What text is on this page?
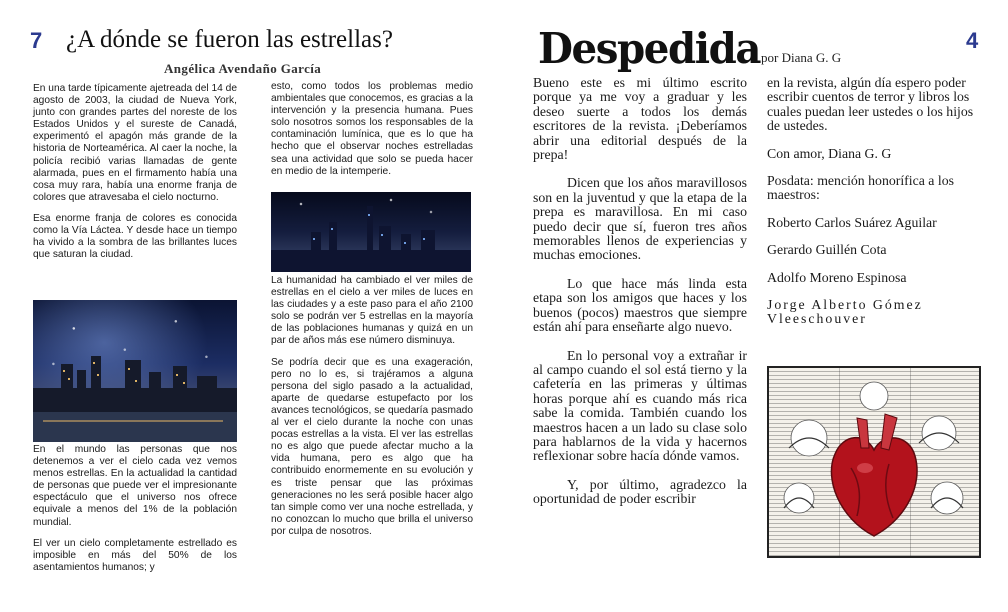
7 ¿A dónde se fueron las estrellas?
Angélica Avendaño García

En una tarde típicamente ajetreada del 14 de agosto de 2003, la ciudad de Nueva York, junto con grandes partes del noreste de los Estados Unidos y el sureste de Canadá, experimentó el apagón más grande de la historia de Norteamérica. Al caer la noche, la policía recibió varias llamadas de gente alarmada, pues en el firmamento había una cosa muy rara, había una enorme franja de colores que atravesaba el cielo nocturno.

Esa enorme franja de colores es conocida como la Vía Láctea. Y desde hace un tiempo ha vivido a la sombra de las brillantes luces que saturan la ciudad.

En el mundo las personas que nos detenemos a ver el cielo cada vez vemos menos estrellas. En la actualidad la cantidad de personas que puede ver el impresionante espectáculo que el universo nos ofrece equivale a menos del 1% de la población mundial.

El ver un cielo completamente estrellado es imposible en más del 50% de los asentamientos humanos; y

esto, como todos los problemas medio ambientales que conocemos, es gracias a la intervención y la presencia humana. Pues solo nosotros somos los responsables de la contaminación lumínica, que es lo que ha hecho que el observar noches estrelladas sea una actividad que solo se pueda hacer en medio de la intemperie.

La humanidad ha cambiado el ver miles de estrellas en el cielo a ver miles de luces en las ciudades y a este paso para el año 2100 solo se podrán ver 5 estrellas en la mayoría de las poblaciones humanas y quizá en un par de años más ese número disminuya.

Se podría decir que es una exageración, pero no lo es, si trajéramos a alguna persona del siglo pasado a la actualidad, aparte de quedarse estupefacto por los avances tecnológicos, se quedaría pasmado al ver el cielo durante la noche con unas pocas estrellas a la vista. El ver las estrellas no es algo que puede afectar mucho a la vida humana, pero es algo que ha contribuido enormemente en su evolución y es triste pensar que las próximas generaciones no les será posible hacer algo tan simple como ver una noche estrellada, y no conozcan lo mucho que brilla el universo por culpa de nosotros.

Despedida por Diana G. G
4

Bueno este es mi último escrito porque ya me voy a graduar y les deseo suerte a todos los demás escritores de la revista. ¡Deberíamos abrir una editorial después de la prepa!

Dicen que los años maravillosos son en la juventud y que la etapa de la prepa es maravillosa. En mi caso puedo decir que sí, fueron tres años memorables llenos de experiencias y muchas emociones.

Lo que hace más linda esta etapa son los amigos que haces y los buenos (pocos) maestros que siempre están ahí para enseñarte algo nuevo.

En lo personal voy a extrañar ir al campo cuando el sol está tierno y la cafetería en las primeras y últimas horas porque ahí es cuando más rica sabe la comida. También cuando los maestros hacen a un lado su clase solo para hablarnos de la vida y hacernos reflexionar sobre hacía dónde vamos.

Y, por último, agradezco la oportunidad de poder escribir

en la revista, algún día espero poder escribir cuentos de terror y libros los cuales puedan leer ustedes o los hijos de ustedes.

Con amor, Diana G. G

Posdata: mención honorífica a los maestros:

Roberto Carlos Suárez Aguilar

Gerardo Guillén Cota

Adolfo Moreno Espinosa

Jorge Alberto Gómez Vleeschouver
